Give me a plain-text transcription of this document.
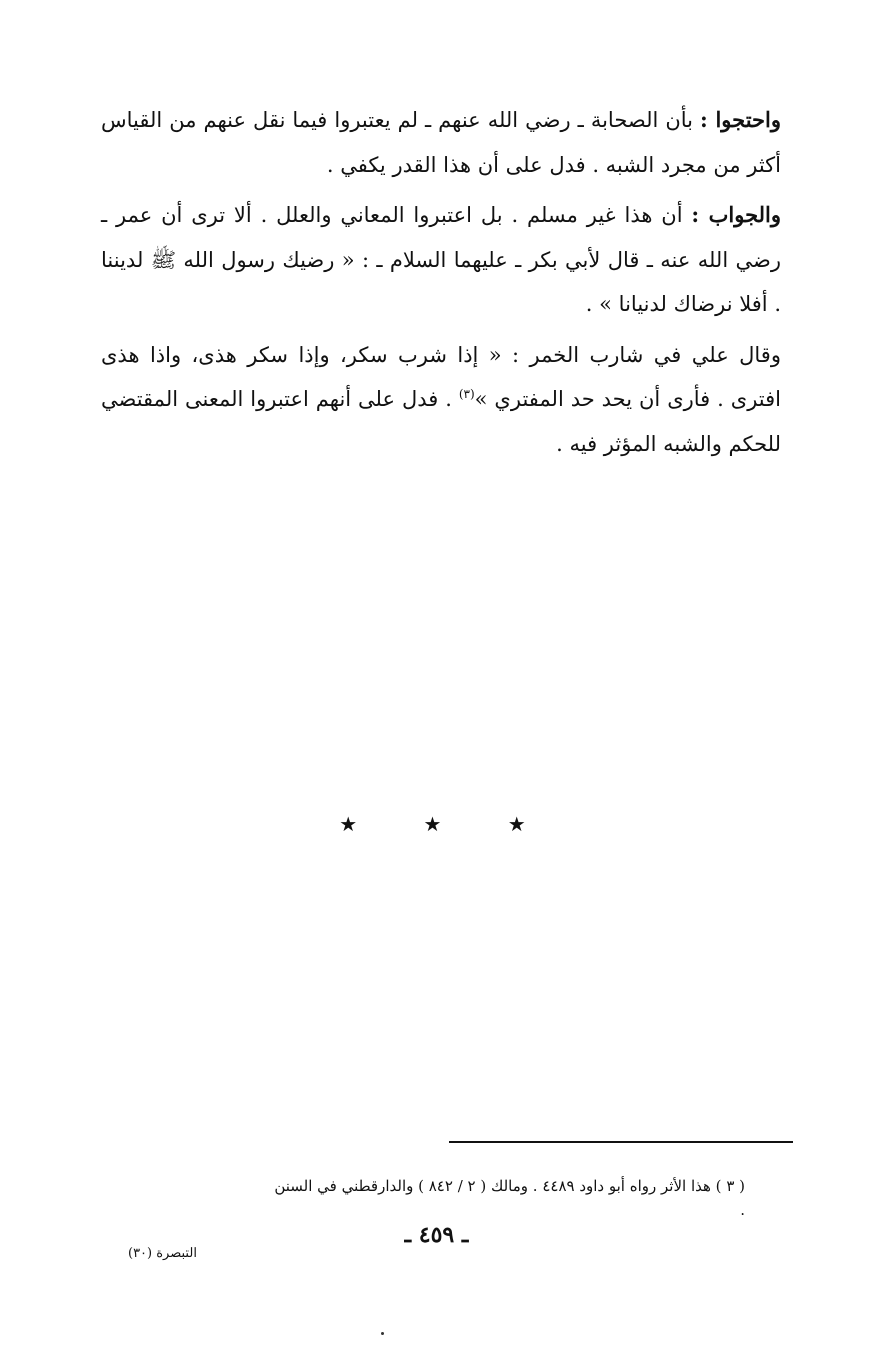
واحتجوا : بأن الصحابة ـ رضي الله عنهم ـ لم يعتبروا فيما نقل عنهم من القياس أكثر من مجرد الشبه . فدل على أن هذا القدر يكفي .

والجواب : أن هذا غير مسلم . بل اعتبروا المعاني والعلل . ألا ترى أن عمر ـ رضي الله عنه ـ قال لأبي بكر ـ عليهما السلام ـ : « رضيك رسول الله ﷺ لديننا . أفلا نرضاك لدنيانا » .

وقال علي في شارب الخمر : « إذا شرب سكر، وإذا سكر هذى، واذا هذى افترى . فأرى أن يحد حد المفتري »$^{(٣)}$ . فدل على أنهم اعتبروا المعنى المقتضي للحكم والشبه المؤثر فيه .

★ ★ ★
( ٣ ) هذا الأثر رواه أبو داود ٤٤٨٩ . ومالك ( ٢ / ٨٤٢ ) والدارقطني في السنن .
ـ ٤٥٩ ـ
التبصرة (٣٠)
